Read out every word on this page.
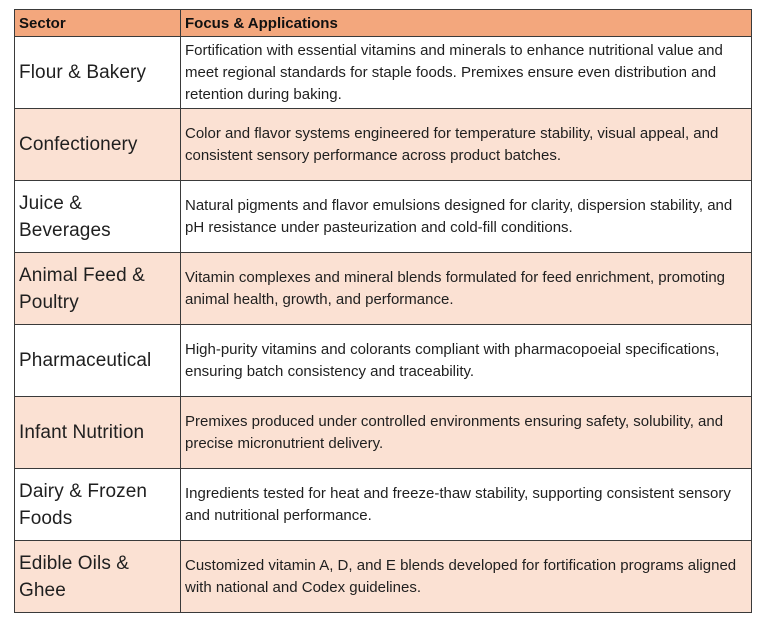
Sector	Focus & Applications
Flour & Bakery	Fortification with essential vitamins and minerals to enhance nutritional value and meet regional standards for staple foods. Premixes ensure even distribution and retention during baking.
Confectionery	Color and flavor systems engineered for temperature stability, visual appeal, and consistent sensory performance across product batches.
Juice & Beverages	Natural pigments and flavor emulsions designed for clarity, dispersion stability, and pH resistance under pasteurization and cold-fill conditions.
Animal Feed & Poultry	Vitamin complexes and mineral blends formulated for feed enrichment, promoting animal health, growth, and performance.
Pharmaceutical	High-purity vitamins and colorants compliant with pharmacopoeial specifications, ensuring batch consistency and traceability.
Infant Nutrition	Premixes produced under controlled environments ensuring safety, solubility, and precise micronutrient delivery.
Dairy & Frozen Foods	Ingredients tested for heat and freeze-thaw stability, supporting consistent sensory and nutritional performance.
Edible Oils & Ghee	Customized vitamin A, D, and E blends developed for fortification programs aligned with national and Codex guidelines.
